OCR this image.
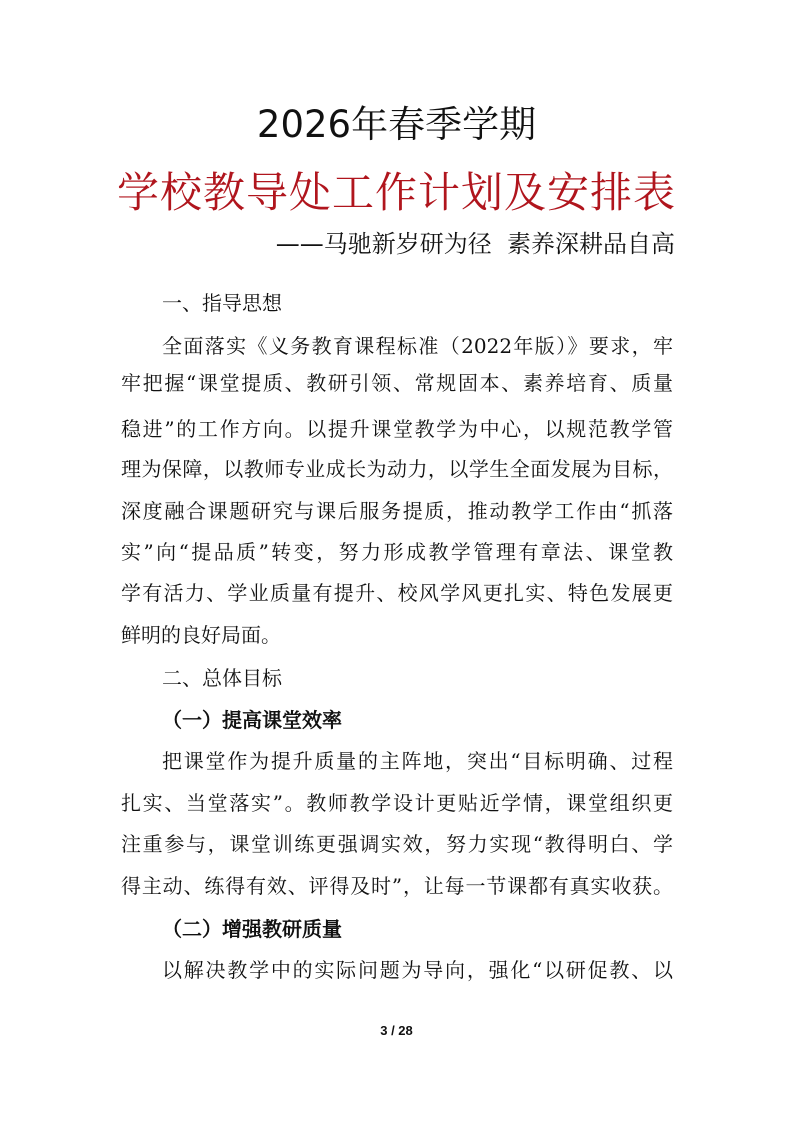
2026年春季学期
学校教导处工作计划及安排表
——马驰新岁研为径  素养深耕品自高
一、指导思想
全面落实《义务教育课程标准（2022年版）》要求，牢
牢把握“课堂提质、教研引领、常规固本、素养培育、质量
稳进”的工作方向。以提升课堂教学为中心，以规范教学管
理为保障，以教师专业成长为动力，以学生全面发展为目标，
深度融合课题研究与课后服务提质，推动教学工作由“抓落
实”向“提品质”转变，努力形成教学管理有章法、课堂教
学有活力、学业质量有提升、校风学风更扎实、特色发展更
鲜明的良好局面。
二、总体目标
（一）提高课堂效率
把课堂作为提升质量的主阵地，突出“目标明确、过程
扎实、当堂落实”。教师教学设计更贴近学情，课堂组织更
注重参与，课堂训练更强调实效，努力实现“教得明白、学
得主动、练得有效、评得及时”，让每一节课都有真实收获。
（二）增强教研质量
以解决教学中的实际问题为导向，强化“以研促教、以
3 / 28
